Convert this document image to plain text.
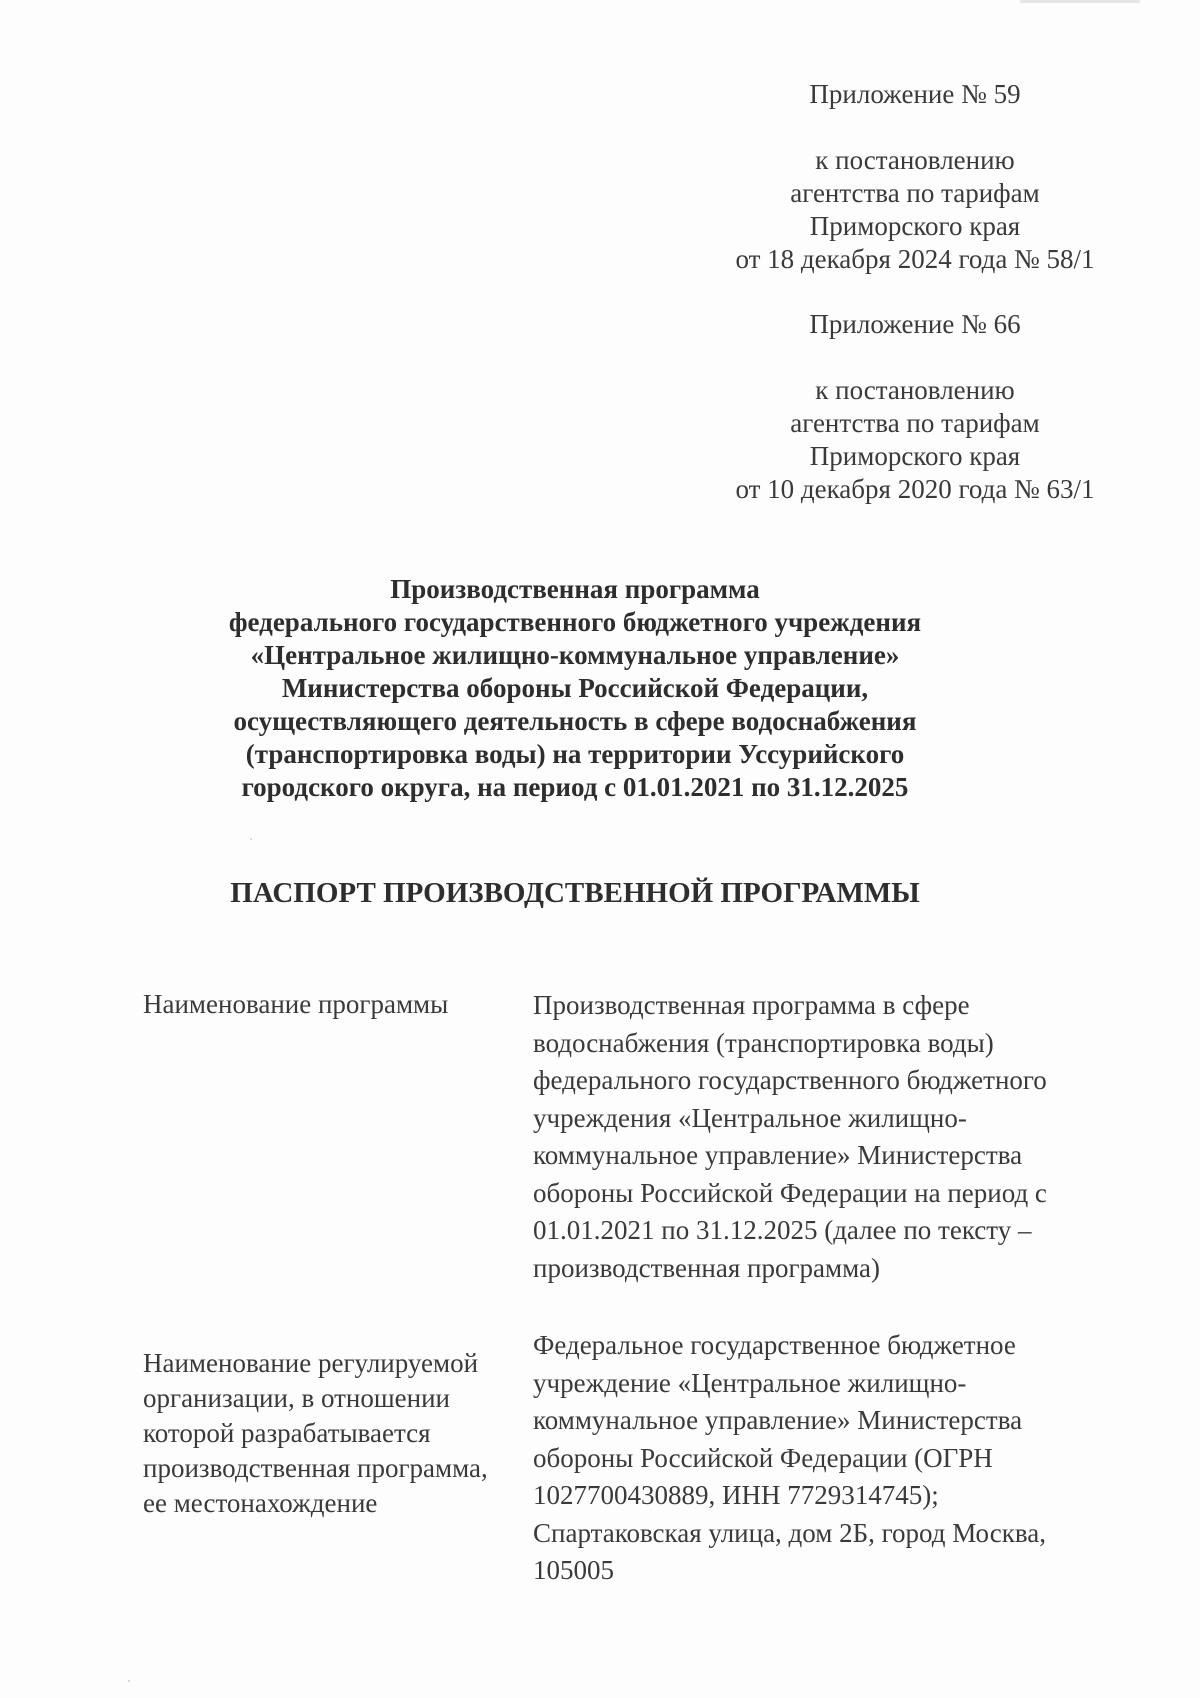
Приложение № 59
к постановлению
агентства по тарифам
Приморского края
от 18 декабря 2024 года № 58/1
Приложение № 66
к постановлению
агентства по тарифам
Приморского края
от 10 декабря 2020 года № 63/1
Производственная программа
федерального государственного бюджетного учреждения
«Центральное жилищно-коммунальное управление»
Министерства обороны Российской Федерации,
осуществляющего деятельность в сфере водоснабжения
(транспортировка воды) на территории Уссурийского
городского округа, на период с 01.01.2021 по 31.12.2025
ПАСПОРТ ПРОИЗВОДСТВЕННОЙ ПРОГРАММЫ
Наименование программы	Производственная программа в сфере
водоснабжения (транспортировка воды)
федерального государственного бюджетного
учреждения «Центральное жилищно-
коммунальное управление» Министерства
обороны Российской Федерации на период с
01.01.2021 по 31.12.2025 (далее по тексту –
производственная программа)
Наименование регулируемой
организации, в отношении
которой разрабатывается
производственная программа,
ее местонахождение
Федеральное государственное бюджетное
учреждение «Центральное жилищно-
коммунальное управление» Министерства
обороны Российской Федерации (ОГРН
1027700430889, ИНН 7729314745);
Спартаковская улица, дом 2Б, город Москва,
105005
